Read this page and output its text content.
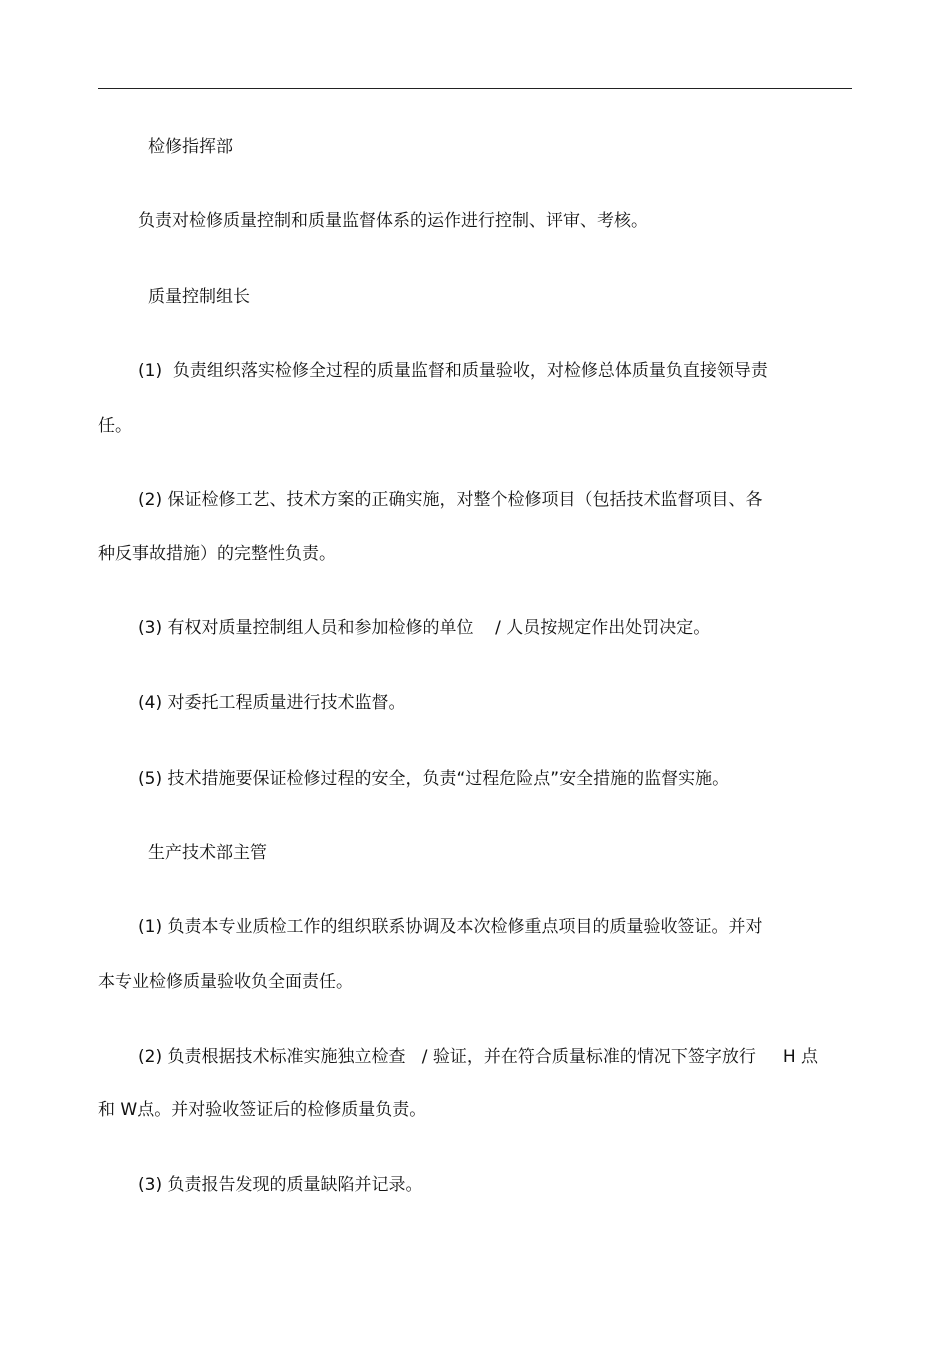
检修指挥部
负责对检修质量控制和质量监督体系的运作进行控制、评审、考核。
质量控制组长
(1)  负责组织落实检修全过程的质量监督和质量验收，对检修总体质量负直接领导责
任。
(2) 保证检修工艺、技术方案的正确实施，对整个检修项目（包括技术监督项目、各
种反事故措施）的完整性负责。
(3) 有权对质量控制组人员和参加检修的单位    / 人员按规定作出处罚决定。
(4) 对委托工程质量进行技术监督。
(5) 技术措施要保证检修过程的安全，负责“过程危险点”安全措施的监督实施。
生产技术部主管
(1) 负责本专业质检工作的组织联系协调及本次检修重点项目的质量验收签证。并对
本专业检修质量验收负全面责任。
(2) 负责根据技术标准实施独立检查   / 验证，并在符合质量标准的情况下签字放行     H 点
和 W点。并对验收签证后的检修质量负责。
(3) 负责报告发现的质量缺陷并记录。
